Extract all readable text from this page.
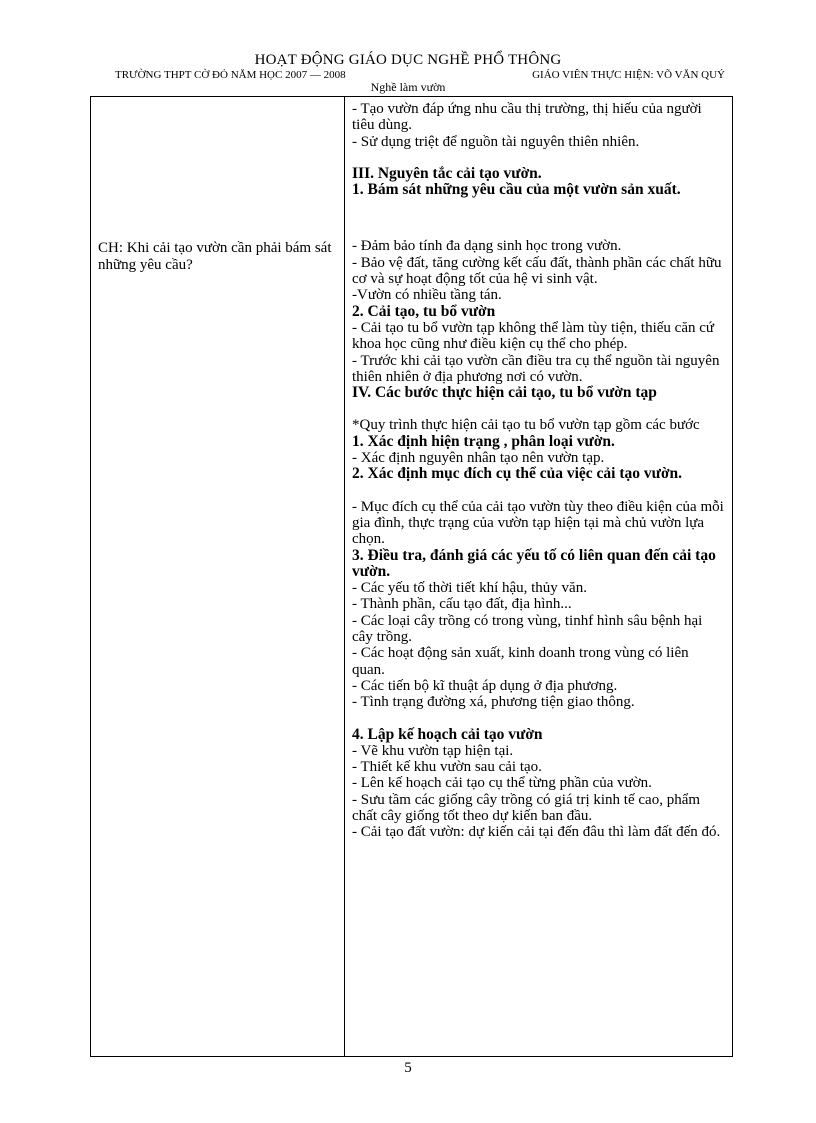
HOẠT ĐỘNG GIÁO DỤC NGHỀ PHỔ THÔNG
TRƯỜNG THPT CỜ ĐỎ NĂM HỌC 2007 — 2008	GIÁO VIÊN THỰC HIỆN: VÕ VĂN QUÝ
Nghề làm vườn
CH: Khi cải tạo vườn cần phải bám sát những yêu cầu?

- Tạo vườn đáp ứng nhu cầu thị trường, thị hiếu của người tiêu dùng.

- Sử dụng triệt để nguồn tài nguyên thiên nhiên.

III. Nguyên tắc cải tạo vườn.

1. Bám sát những yêu cầu của một vườn sản xuất.

- Đảm bảo tính đa dạng sinh học trong vườn.

- Bảo vệ đất, tăng cường kết cấu đất, thành phần các chất hữu cơ và sự hoạt động tốt của hệ vi sinh vật.

-Vườn có nhiều tầng tán.

2. Cải tạo, tu bổ vườn

- Cải tạo tu bổ vườn tạp không thể làm tùy tiện, thiếu căn cứ khoa học cũng như điều kiện cụ thể cho phép.

- Trước khi cải tạo vườn cần điều tra cụ thể nguồn tài nguyên thiên nhiên ở địa phương nơi có vườn.

IV. Các bước thực hiện cải tạo, tu bổ vườn tạp

*Quy trình thực hiện cải tạo tu bổ vườn tạp gồm các bước

1. Xác định hiện trạng , phân loại vườn.

- Xác định nguyên nhân tạo nên vườn tạp.

2. Xác định mục đích cụ thể của việc cải tạo vườn.

- Mục đích cụ thể của cải tạo vườn tùy theo điều kiện của mỗi gia đình, thực trạng của vườn tạp hiện tại mà chủ vườn lựa chọn.

3. Điều tra, đánh giá các yếu tố có liên quan đến cải tạo vườn.

- Các yếu tố thời tiết khí hậu, thủy văn.

- Thành phần, cấu tạo đất, địa hình...

- Các loại cây trồng có trong vùng, tinhf hình sâu bệnh hại cây trồng.

- Các hoạt động sản xuất, kinh doanh trong vùng có liên quan.

- Các tiến bộ kĩ thuật áp dụng ở địa phương.

- Tình trạng đường xá, phương tiện giao thông.

4. Lập kế hoạch cải tạo vườn

- Vẽ khu vườn tạp hiện tại.

- Thiết kế khu vườn sau cải tạo.

- Lên kế hoạch cải tạo cụ thể từng phần của vườn.

- Sưu tầm các giống cây trồng có giá trị kinh tế cao, phẩm chất cây giống tốt theo dự kiến ban đầu.

- Cải tạo đất vườn: dự kiến cải tại đến đâu thì làm đất đến đó.

5
